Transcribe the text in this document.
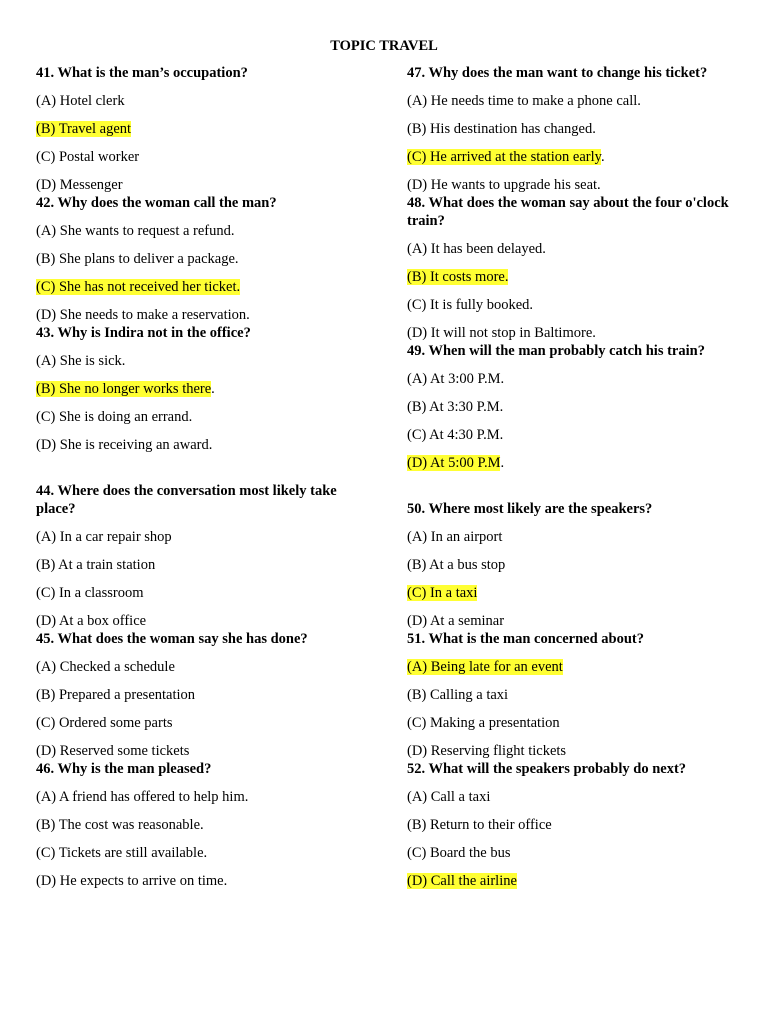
TOPIC TRAVEL
41. What is the man’s occupation?
(A) Hotel clerk
(B) Travel agent
(C) Postal worker
(D) Messenger
42. Why does the woman call the man?
(A) She wants to request a refund.
(B) She plans to deliver a package.
(C) She has not received her ticket.
(D) She needs to make a reservation.
43. Why is Indira not in the office?
(A) She is sick.
(B) She no longer works there.
(C) She is doing an errand.
(D) She is receiving an award.
44. Where does the conversation most likely take place?
(A) In a car repair shop
(B) At a train station
(C) In a classroom
(D) At a box office
45. What does the woman say she has done?
(A) Checked a schedule
(B) Prepared a presentation
(C) Ordered some parts
(D) Reserved some tickets
46. Why is the man pleased?
(A) A friend has offered to help him.
(B) The cost was reasonable.
(C) Tickets are still available.
(D) He expects to arrive on time.
47. Why does the man want to change his ticket?
(A) He needs time to make a phone call.
(B) His destination has changed.
(C) He arrived at the station early.
(D) He wants to upgrade his seat.
48. What does the woman say about the four o'clock train?
(A) It has been delayed.
(B) It costs more.
(C) It is fully booked.
(D) It will not stop in Baltimore.
49. When will the man probably catch his train?
(A) At 3:00 P.M.
(B) At 3:30 P.M.
(C) At 4:30 P.M.
(D) At 5:00 P.M.
50. Where most likely are the speakers?
(A) In an airport
(B) At a bus stop
(C) In a taxi
(D) At a seminar
51. What is the man concerned about?
(A) Being late for an event
(B) Calling a taxi
(C) Making a presentation
(D) Reserving flight tickets
52. What will the speakers probably do next?
(A) Call a taxi
(B) Return to their office
(C) Board the bus
(D) Call the airline
